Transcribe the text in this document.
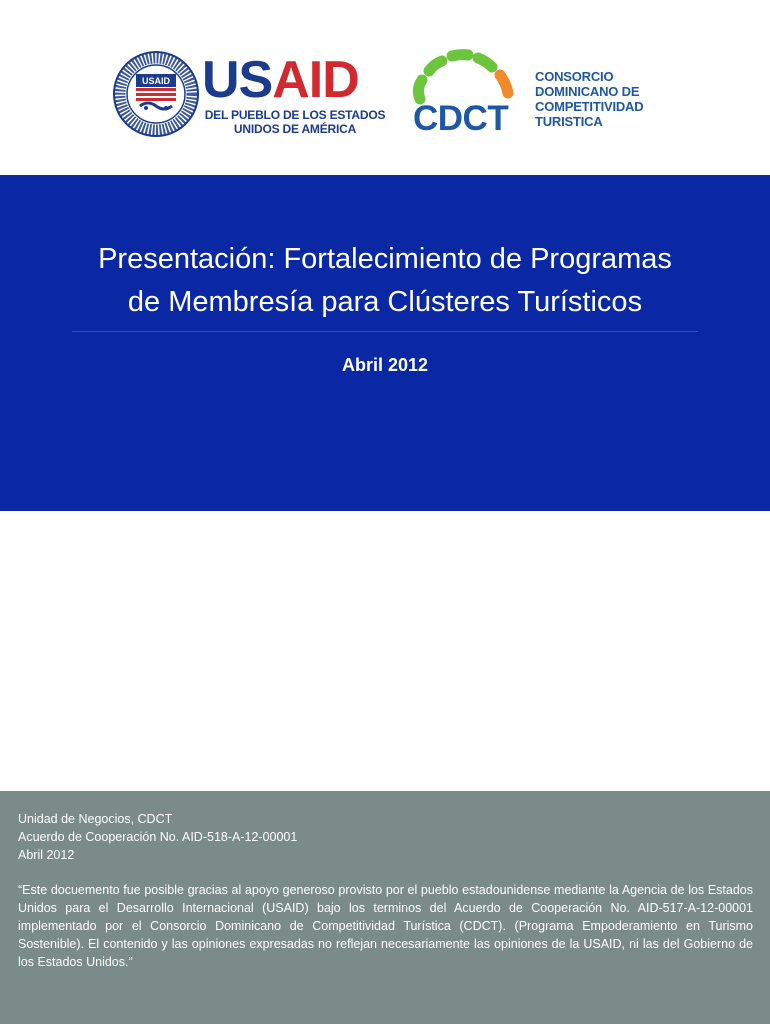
USAID USAID
DEL PUEBLO DE LOS ESTADOS
UNIDOS DE AMÉRICA	CDCT
CONSORCIO
DOMINICANO DE
COMPETITIVIDAD
TURISTICA
Presentación: Fortalecimiento de Programas
de Membresía para Clústeres Turísticos
Abril 2012
Unidad de Negocios, CDCT
Acuerdo de Cooperación No. AID-518-A-12-00001
Abril 2012
“Este docuemento fue posible gracias al apoyo generoso provisto por el pueblo estadounidense mediante la Agencia de los Estados Unidos para el Desarrollo Internacional (USAID) bajo los terminos del Acuerdo de Cooperación No. AID-517-A-12-00001 implementado por el Consorcio Dominicano de Competitividad Turística (CDCT). (Programa Empoderamiento en Turismo Sostenible). El contenido y las opiniones expresadas no reflejan necesariamente las opiniones de la USAID, ni las del Gobierno de los Estados Unidos.”
